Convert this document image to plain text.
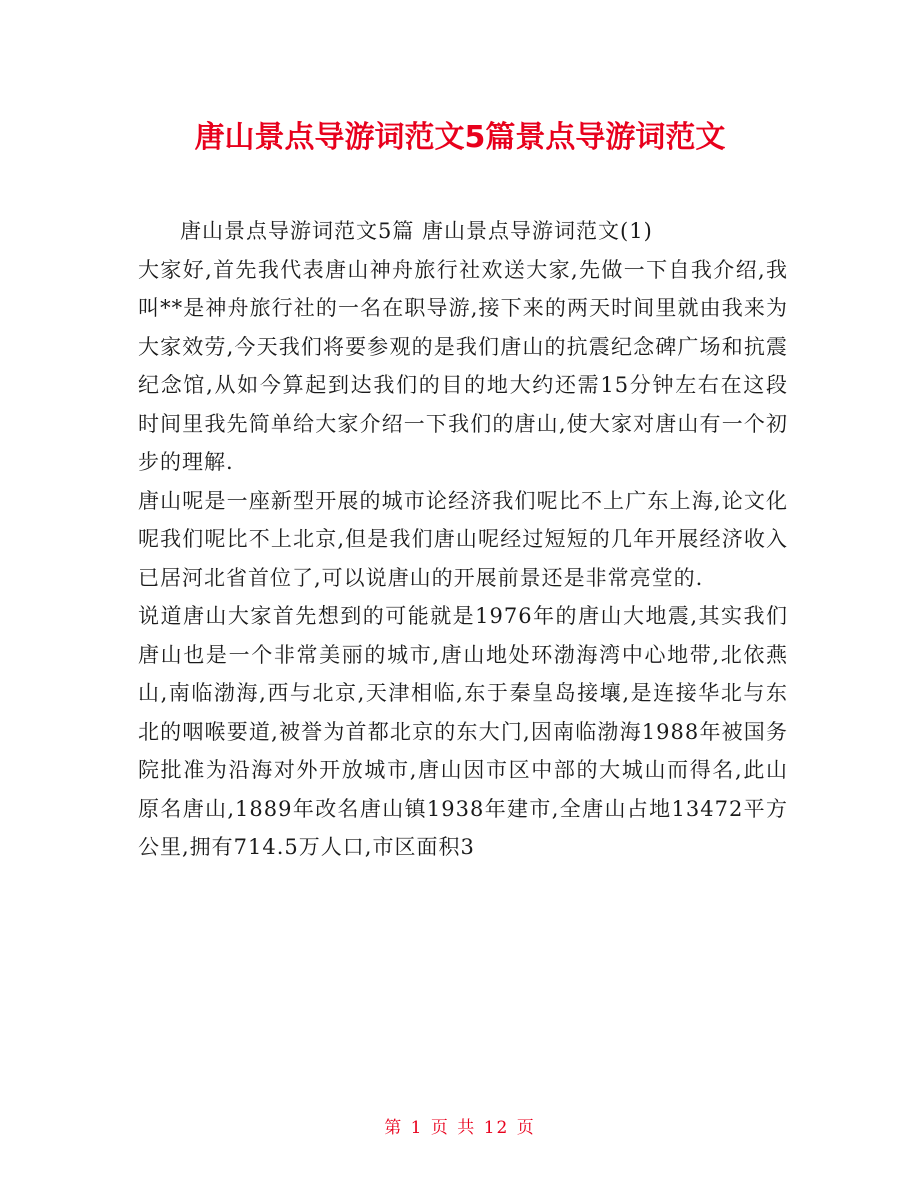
唐山景点导游词范文5篇景点导游词范文

唐山景点导游词范文5篇 唐山景点导游词范文(1)

大家好,首先我代表唐山神舟旅行社欢送大家,先做一下自我介绍,我叫**是神舟旅行社的一名在职导游,接下来的两天时间里就由我来为大家效劳,今天我们将要参观的是我们唐山的抗震纪念碑广场和抗震纪念馆,从如今算起到达我们的目的地大约还需15分钟左右在这段时间里我先简单给大家介绍一下我们的唐山,使大家对唐山有一个初步的理解.

唐山呢是一座新型开展的城市论经济我们呢比不上广东上海,论文化呢我们呢比不上北京,但是我们唐山呢经过短短的几年开展经济收入已居河北省首位了,可以说唐山的开展前景还是非常亮堂的.

说道唐山大家首先想到的可能就是1976年的唐山大地震,其实我们唐山也是一个非常美丽的城市,唐山地处环渤海湾中心地带,北依燕山,南临渤海,西与北京,天津相临,东于秦皇岛接壤,是连接华北与东北的咽喉要道,被誉为首都北京的东大门,因南临渤海1988年被国务院批准为沿海对外开放城市,唐山因市区中部的大城山而得名,此山原名唐山,1889年改名唐山镇1938年建市,全唐山占地13472平方公里,拥有714.5万人口,市区面积3

第 1 页 共 12 页
